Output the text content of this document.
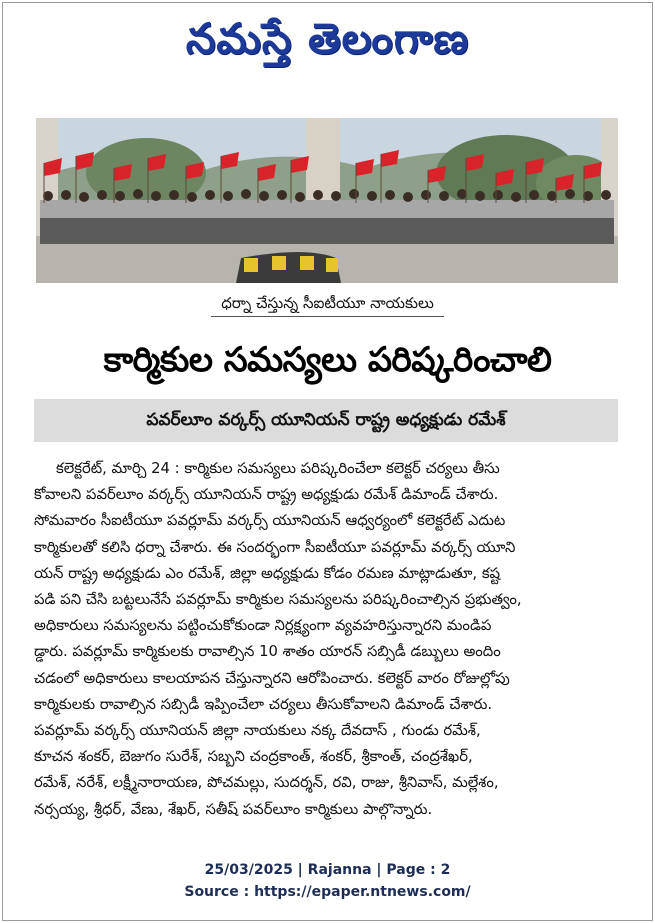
నమస్తే తెలంగాణ
ధర్నా చేస్తున్న సీఐటీయూ నాయకులు
కార్మికుల సమస్యలు పరిష్కరించాలి
పవర్‌లూం వర్కర్స్ యూనియన్ రాష్ట్ర అధ్యక్షుడు రమేశ్
కలెక్టరేట్, మార్చి 24 : కార్మికుల సమస్యలు పరిష్కరించేలా కలెక్టర్ చర్యలు తీసు
కోవాలని పవర్‌లూం వర్కర్స్ యూనియన్ రాష్ట్ర అధ్యక్షుడు రమేశ్ డిమాండ్ చేశారు.
సోమవారం సీఐటీయూ పవర్లూమ్ వర్కర్స్ యూనియన్ ఆధ్వర్యంలో కలెక్టరేట్ ఎదుట
కార్మికులతో కలిసి ధర్నా చేశారు. ఈ సందర్భంగా సీఐటీయూ పవర్లూమ్ వర్కర్స్ యూని
యన్ రాష్ట్ర అధ్యక్షుడు ఎం రమేశ్, జిల్లా అధ్యక్షుడు కోడం రమణ మాట్లాడుతూ, కష్ట
పడి పని చేసి బట్టలునేసే పవర్లూమ్ కార్మికుల సమస్యలను పరిష్కరించాల్సిన ప్రభుత్వం,
అధికారులు సమస్యలను పట్టించుకోకుండా నిర్లక్ష్యంగా వ్యవహరిస్తున్నారని మండిప
డ్డారు. పవర్లూమ్ కార్మికులకు రావాల్సిన 10 శాతం యారన్ సబ్సిడీ డబ్బులు అందిం
చడంలో అధికారులు కాలయాపన చేస్తున్నారని ఆరోపించారు. కలెక్టర్ వారం రోజుల్లోపు
కార్మికులకు రావాల్సిన సబ్సిడీ ఇప్పించేలా చర్యలు తీసుకోవాలని డిమాండ్ చేశారు.
పవర్లూమ్ వర్కర్స్ యూనియన్ జిల్లా నాయకులు నక్క దేవదాస్ , గుండు రమేశ్,
కూచన శంకర్, బెజుగం సురేశ్, సబ్బని చంద్రకాంత్, శంకర్, శ్రీకాంత్, చంద్రశేఖర్,
రమేశ్, నరేశ్, లక్ష్మీనారాయణ, పోచమల్లు, సుదర్శన్, రవి, రాజు, శ్రీనివాస్, మల్లేశం,
నర్సయ్య, శ్రీధర్, వేణు, శేఖర్, సతీష్ పవర్‌లూం కార్మికులు పాల్గొన్నారు.
25/03/2025 | Rajanna | Page : 2
Source : https://epaper.ntnews.com/
